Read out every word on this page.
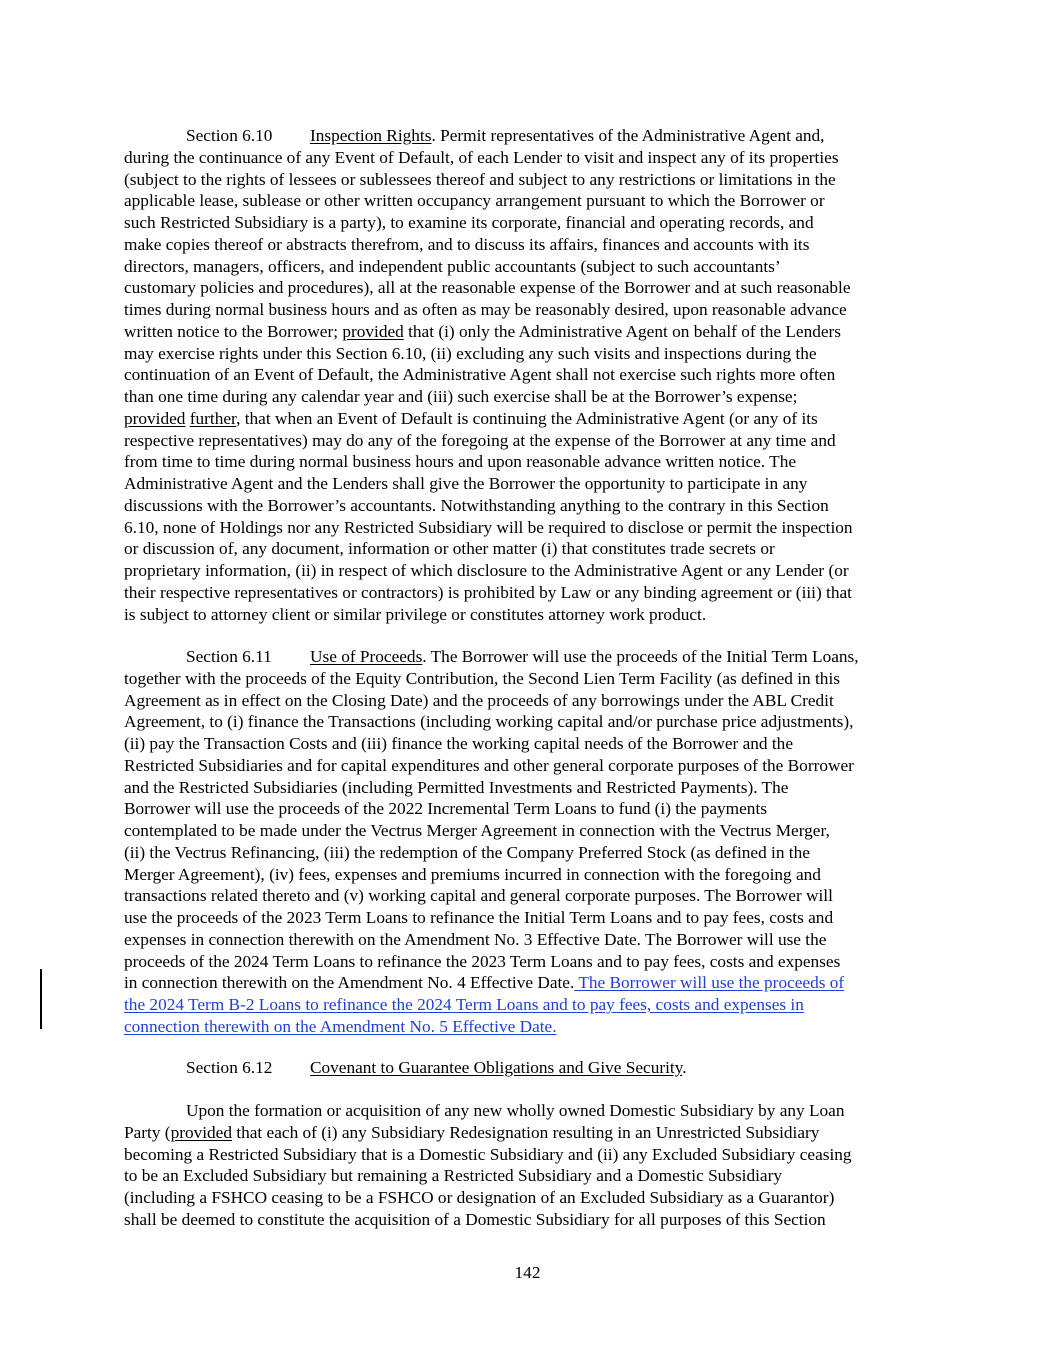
Section 6.10 Inspection Rights. Permit representatives of the Administrative Agent and,
during the continuance of any Event of Default, of each Lender to visit and inspect any of its properties
(subject to the rights of lessees or sublessees thereof and subject to any restrictions or limitations in the
applicable lease, sublease or other written occupancy arrangement pursuant to which the Borrower or
such Restricted Subsidiary is a party), to examine its corporate, financial and operating records, and
make copies thereof or abstracts therefrom, and to discuss its affairs, finances and accounts with its
directors, managers, officers, and independent public accountants (subject to such accountants’
customary policies and procedures), all at the reasonable expense of the Borrower and at such reasonable
times during normal business hours and as often as may be reasonably desired, upon reasonable advance
written notice to the Borrower; provided that (i) only the Administrative Agent on behalf of the Lenders
may exercise rights under this Section 6.10, (ii) excluding any such visits and inspections during the
continuation of an Event of Default, the Administrative Agent shall not exercise such rights more often
than one time during any calendar year and (iii) such exercise shall be at the Borrower’s expense;
provided further, that when an Event of Default is continuing the Administrative Agent (or any of its
respective representatives) may do any of the foregoing at the expense of the Borrower at any time and
from time to time during normal business hours and upon reasonable advance written notice. The
Administrative Agent and the Lenders shall give the Borrower the opportunity to participate in any
discussions with the Borrower’s accountants. Notwithstanding anything to the contrary in this Section
6.10, none of Holdings nor any Restricted Subsidiary will be required to disclose or permit the inspection
or discussion of, any document, information or other matter (i) that constitutes trade secrets or
proprietary information, (ii) in respect of which disclosure to the Administrative Agent or any Lender (or
their respective representatives or contractors) is prohibited by Law or any binding agreement or (iii) that
is subject to attorney client or similar privilege or constitutes attorney work product.
Section 6.11 Use of Proceeds. The Borrower will use the proceeds of the Initial Term Loans,
together with the proceeds of the Equity Contribution, the Second Lien Term Facility (as defined in this
Agreement as in effect on the Closing Date) and the proceeds of any borrowings under the ABL Credit
Agreement, to (i) finance the Transactions (including working capital and/or purchase price adjustments),
(ii) pay the Transaction Costs and (iii) finance the working capital needs of the Borrower and the
Restricted Subsidiaries and for capital expenditures and other general corporate purposes of the Borrower
and the Restricted Subsidiaries (including Permitted Investments and Restricted Payments). The
Borrower will use the proceeds of the 2022 Incremental Term Loans to fund (i) the payments
contemplated to be made under the Vectrus Merger Agreement in connection with the Vectrus Merger,
(ii) the Vectrus Refinancing, (iii) the redemption of the Company Preferred Stock (as defined in the
Merger Agreement), (iv) fees, expenses and premiums incurred in connection with the foregoing and
transactions related thereto and (v) working capital and general corporate purposes. The Borrower will
use the proceeds of the 2023 Term Loans to refinance the Initial Term Loans and to pay fees, costs and
expenses in connection therewith on the Amendment No. 3 Effective Date. The Borrower will use the
proceeds of the 2024 Term Loans to refinance the 2023 Term Loans and to pay fees, costs and expenses
in connection therewith on the Amendment No. 4 Effective Date. The Borrower will use the proceeds of
the 2024 Term B-2 Loans to refinance the 2024 Term Loans and to pay fees, costs and expenses in
connection therewith on the Amendment No. 5 Effective Date.
Section 6.12 Covenant to Guarantee Obligations and Give Security.
Upon the formation or acquisition of any new wholly owned Domestic Subsidiary by any Loan
Party (provided that each of (i) any Subsidiary Redesignation resulting in an Unrestricted Subsidiary
becoming a Restricted Subsidiary that is a Domestic Subsidiary and (ii) any Excluded Subsidiary ceasing
to be an Excluded Subsidiary but remaining a Restricted Subsidiary and a Domestic Subsidiary
(including a FSHCO ceasing to be a FSHCO or designation of an Excluded Subsidiary as a Guarantor)
shall be deemed to constitute the acquisition of a Domestic Subsidiary for all purposes of this Section
142
